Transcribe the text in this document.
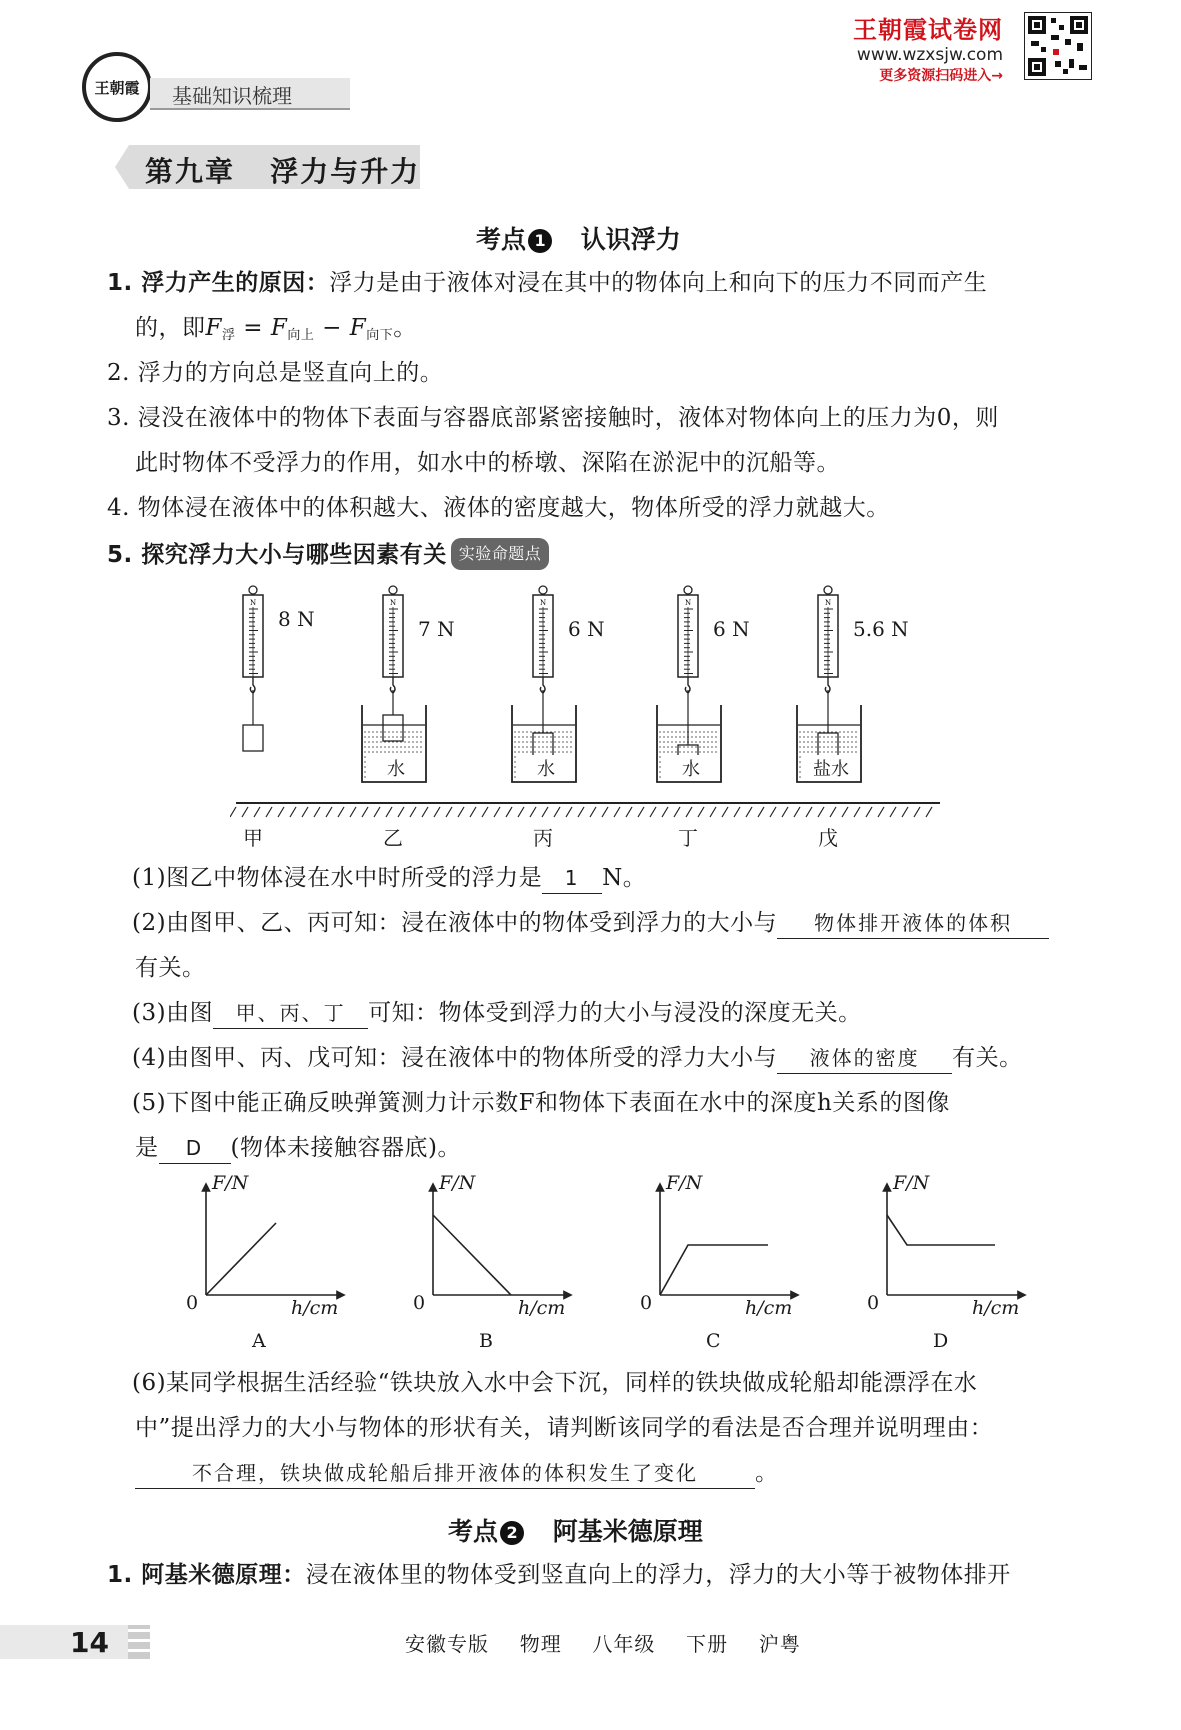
王朝霞 基础知识梳理
王朝霞试卷网
www.wzxsjw.com
更多资源扫码进入→
第九章   浮力与升力
考点 1 认识浮力
1. 浮力产生的原因：浮力是由于液体对浸在其中的物体向上和向下的压力不同而产生
的，即$F_浮 = F_{向上} - F_{向下}$。
2. 浮力的方向总是竖直向上的。
3. 浸没在液体中的物体下表面与容器底部紧密接触时，液体对物体向上的压力为0，则
此时物体不受浮力的作用，如水中的桥墩、深陷在淤泥中的沉船等。
4. 物体浸在液体中的体积越大、液体的密度越大，物体所受的浮力就越大。
5. 探究浮力大小与哪些因素有关 实验命题点
N	N	N	N	N
8 N
甲
7 N
水
乙
6 N
水
丙
6 N
水
丁
5.6 N
盐水
戊
(1)图乙中物体浸在水中时所受的浮力是 1 N。
(2)由图甲、乙、丙可知：浸在液体中的物体受到浮力的大小与 物体排开液体的体积
有关。
(3)由图 甲、丙、丁 可知：物体受到浮力的大小与浸没的深度无关。
(4)由图甲、丙、戊可知：浸在液体中的物体所受的浮力大小与 液体的密度 有关。
(5)下图中能正确反映弹簧测力计示数F和物体下表面在水中的深度h关系的图像
是 D (物体未接触容器底)。
F/N
0	h/cm
A
F/N
0	h/cm
B
F/N
0	h/cm
C
F/N
0	h/cm
D
(6)某同学根据生活经验“铁块放入水中会下沉，同样的铁块做成轮船却能漂浮在水
中”提出浮力的大小与物体的形状有关，请判断该同学的看法是否合理并说明理由：
不合理，铁块做成轮船后排开液体的体积发生了变化 。
考点 2 阿基米德原理
1. 阿基米德原理：浸在液体里的物体受到竖直向上的浮力，浮力的大小等于被物体排开
14	安徽专版  物理  八年级  下册  沪粤
